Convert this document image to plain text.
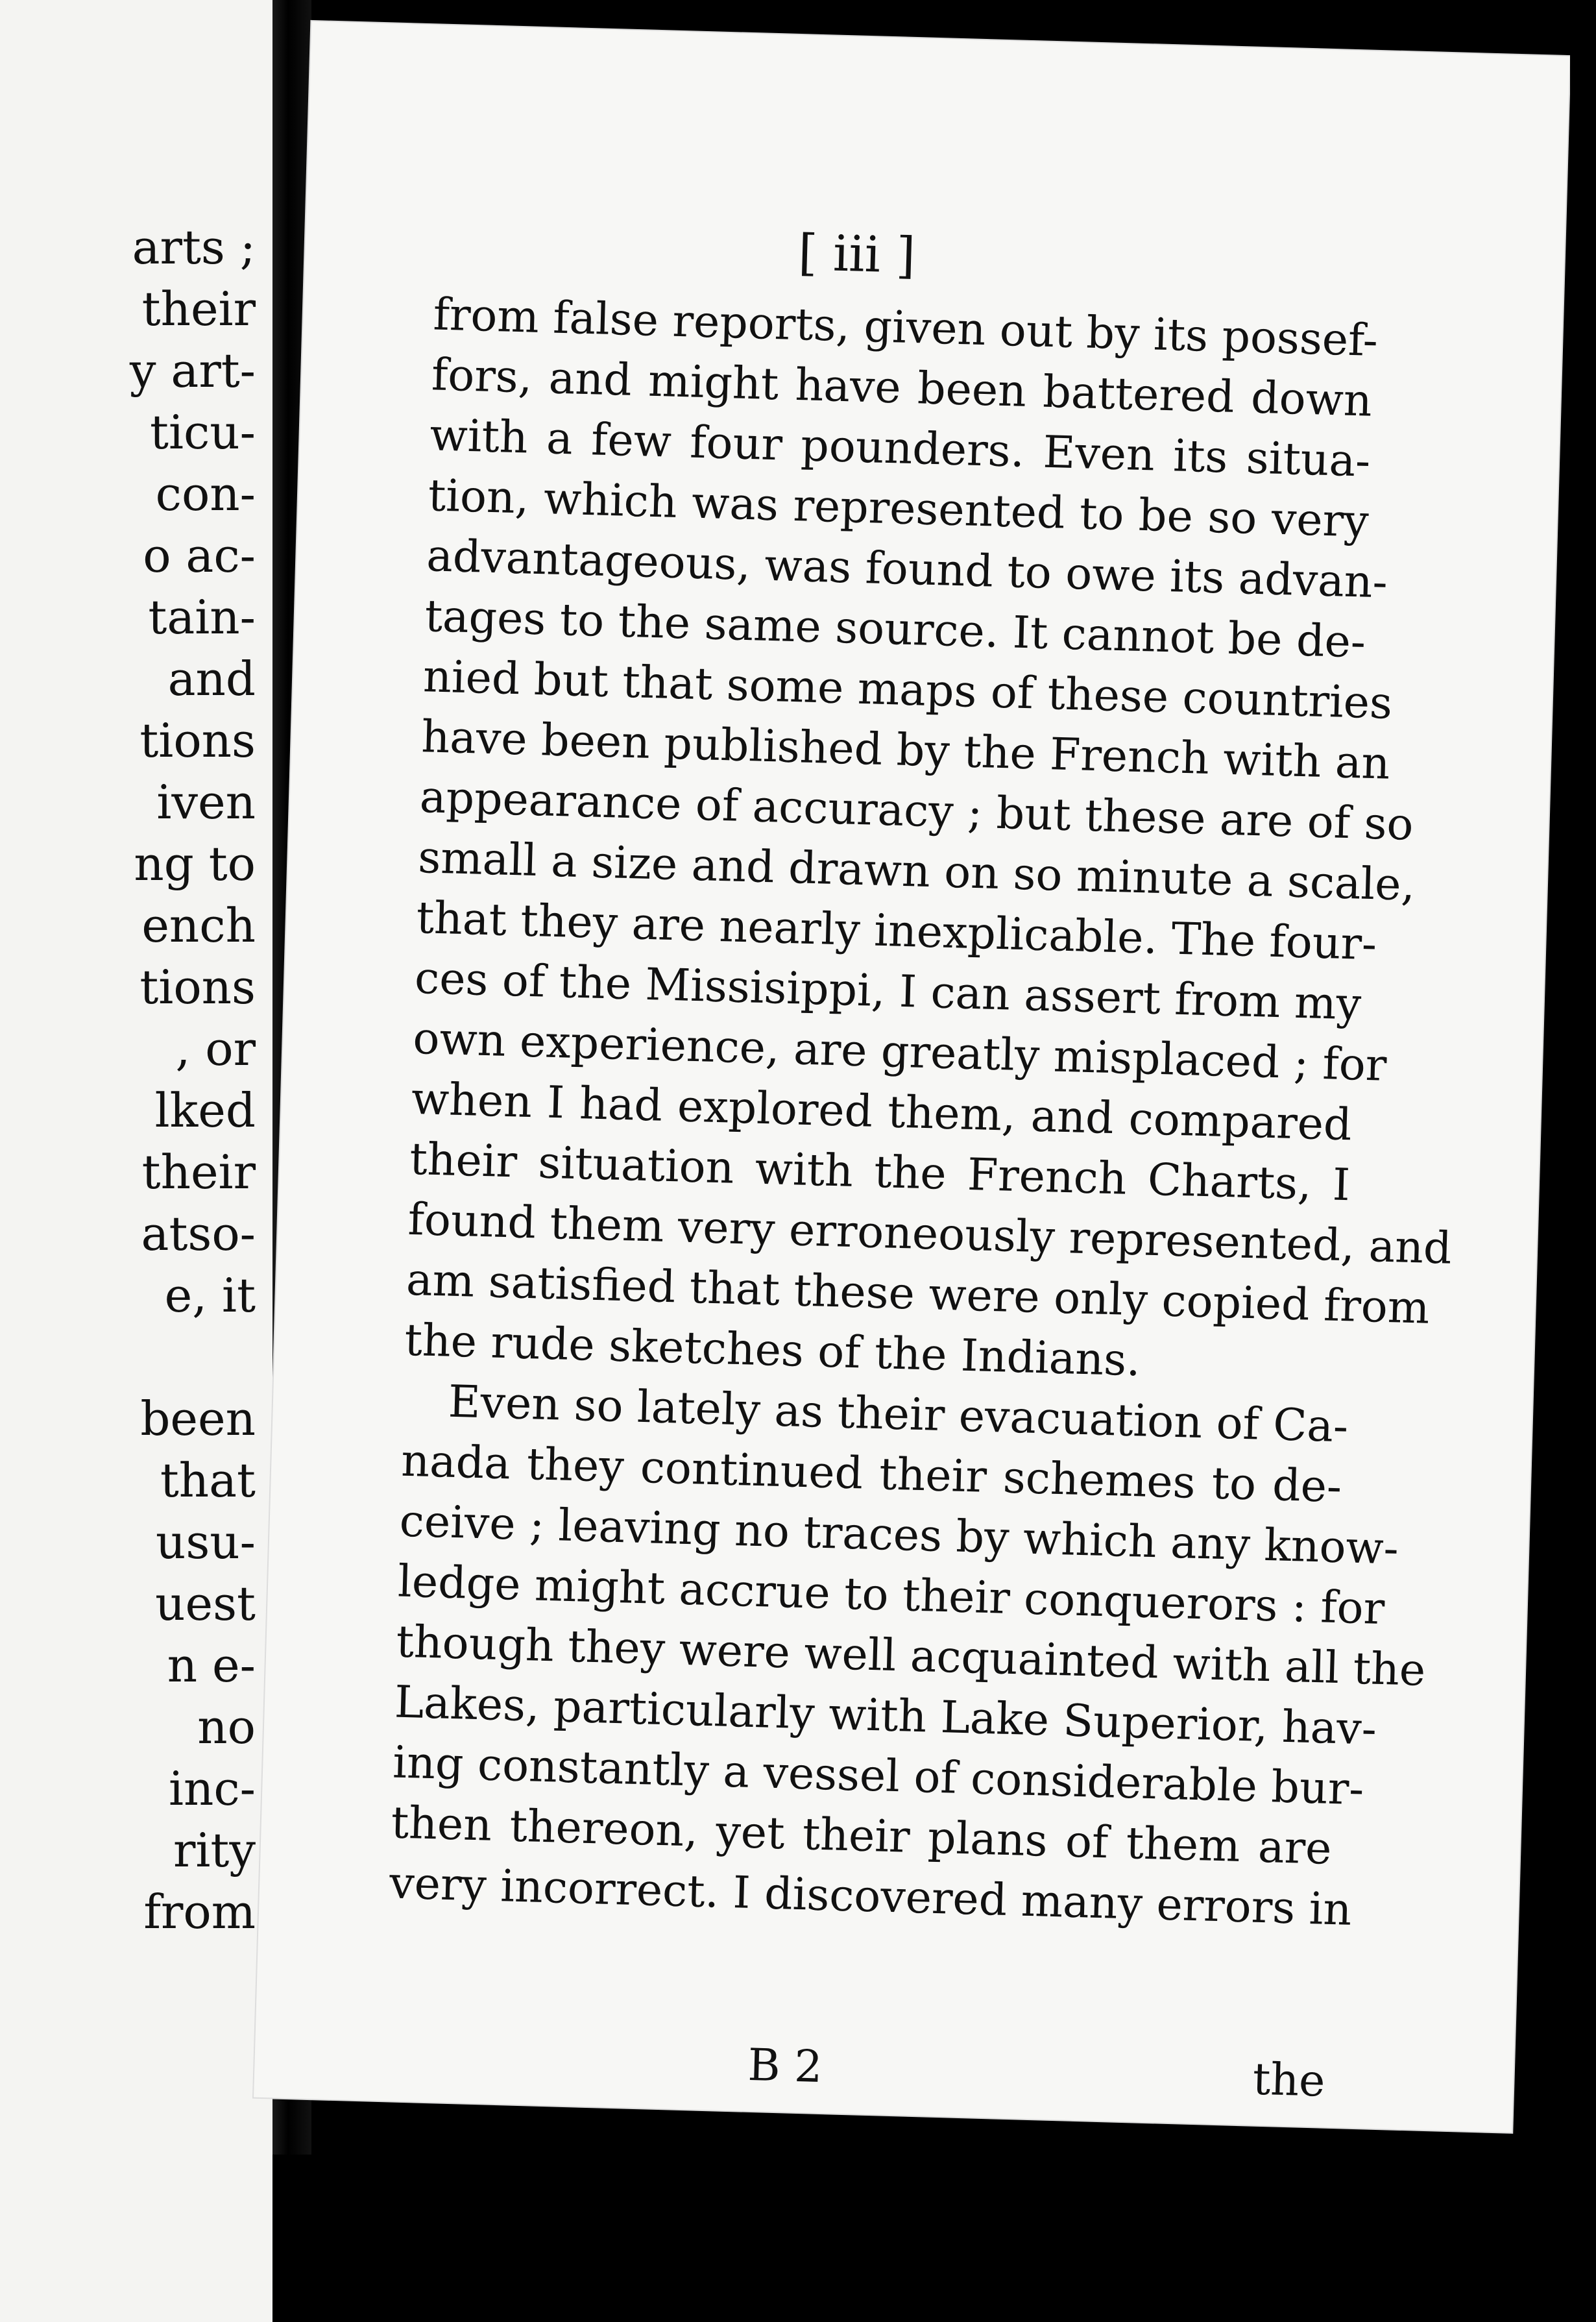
arts ;
their
y art-
ticu-
con-
o ac-
tain-
and
tions
iven
ng to
ench
tions
, or
lked
their
atso-
e, it
been
that
usu-
uest
n e-
no
inc-
rity
from
[ iii ]
from false reports, given out by its possef-
fors, and might have been battered down
with a few four pounders. Even its situa-
tion, which was represented to be so very
advantageous, was found to owe its advan-
tages to the same source. It cannot be de-
nied but that some maps of these countries
have been published by the French with an
appearance of accuracy ; but these are of so
small a size and drawn on so minute a scale,
that they are nearly inexplicable. The four-
ces of the Missisippi, I can assert from my
own experience, are greatly misplaced ; for
when I had explored them, and compared
their situation with the French Charts, I
found them very erroneously represented, and
am satisfied that these were only copied from
the rude sketches of the Indians.
Even so lately as their evacuation of Ca-
nada they continued their schemes to de-
ceive ; leaving no traces by which any know-
ledge might accrue to their conquerors : for
though they were well acquainted with all the
Lakes, particularly with Lake Superior, hav-
ing constantly a vessel of considerable bur-
then thereon, yet their plans of them are
very incorrect. I discovered many errors in
B 2	the
